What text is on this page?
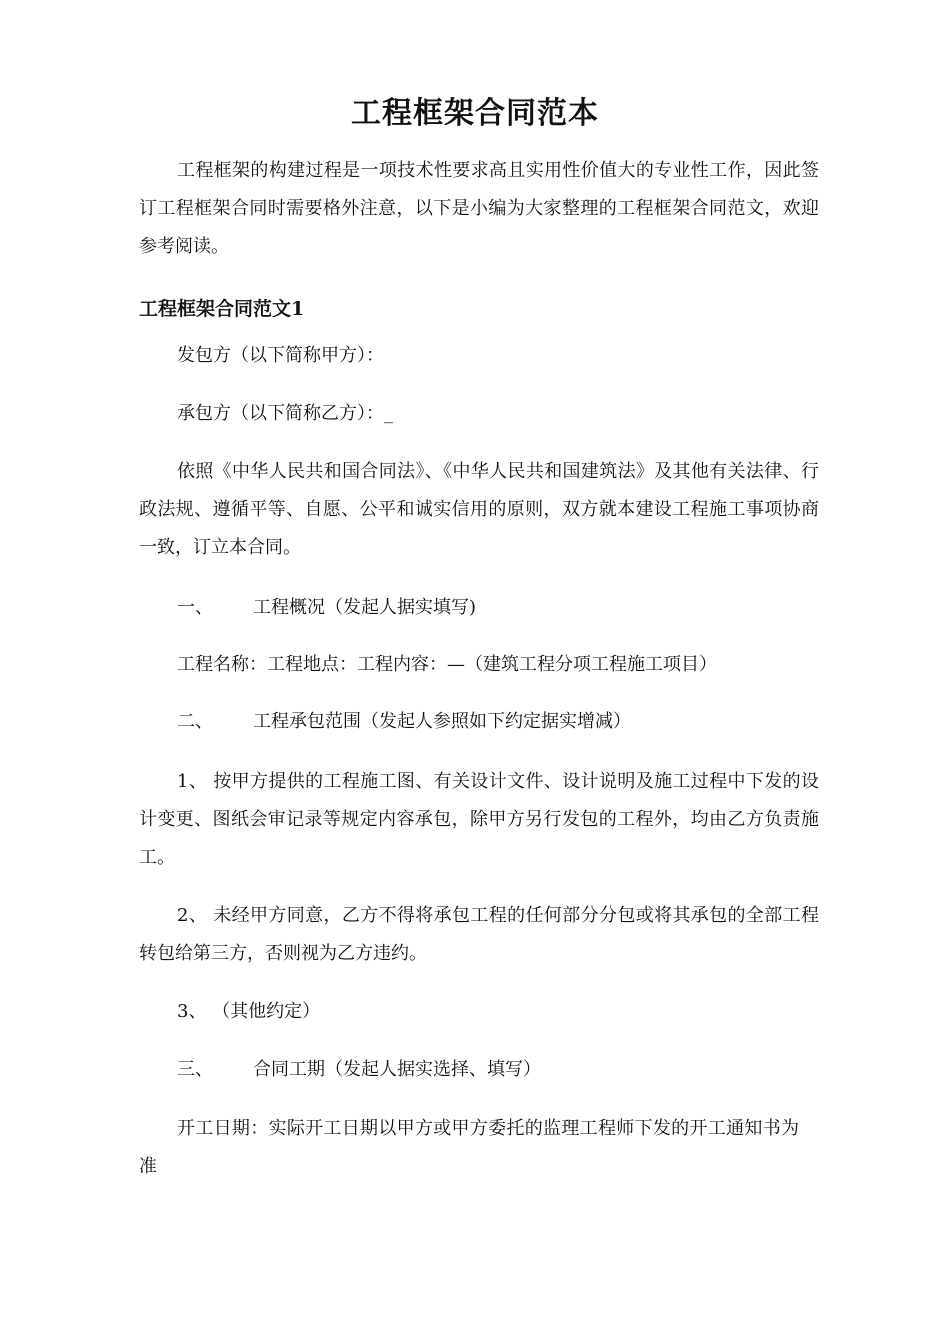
工程框架合同范本

工程框架的构建过程是一项技术性要求高且实用性价值大的专业性工作，因此签订工程框架合同时需要格外注意，以下是小编为大家整理的工程框架合同范文，欢迎参考阅读。

工程框架合同范文1

发包方（以下简称甲方）：

承包方（以下简称乙方）：_

依照《中华人民共和国合同法》、《中华人民共和国建筑法》及其他有关法律、行政法规、遵循平等、自愿、公平和诚实信用的原则，双方就本建设工程施工事项协商一致，订立本合同。

一、 工程概况（发起人据实填写)

工程名称：工程地点：工程内容：—（建筑工程分项工程施工项目）

二、 工程承包范围（发起人参照如下约定据实增减）

1、 按甲方提供的工程施工图、有关设计文件、设计说明及施工过程中下发的设计变更、图纸会审记录等规定内容承包，除甲方另行发包的工程外，均由乙方负责施工。

2、 未经甲方同意，乙方不得将承包工程的任何部分分包或将其承包的全部工程转包给第三方，否则视为乙方违约。

3、 （其他约定）

三、 合同工期（发起人据实选择、填写）

开工日期：实际开工日期以甲方或甲方委托的监理工程师下发的开工通知书为准
